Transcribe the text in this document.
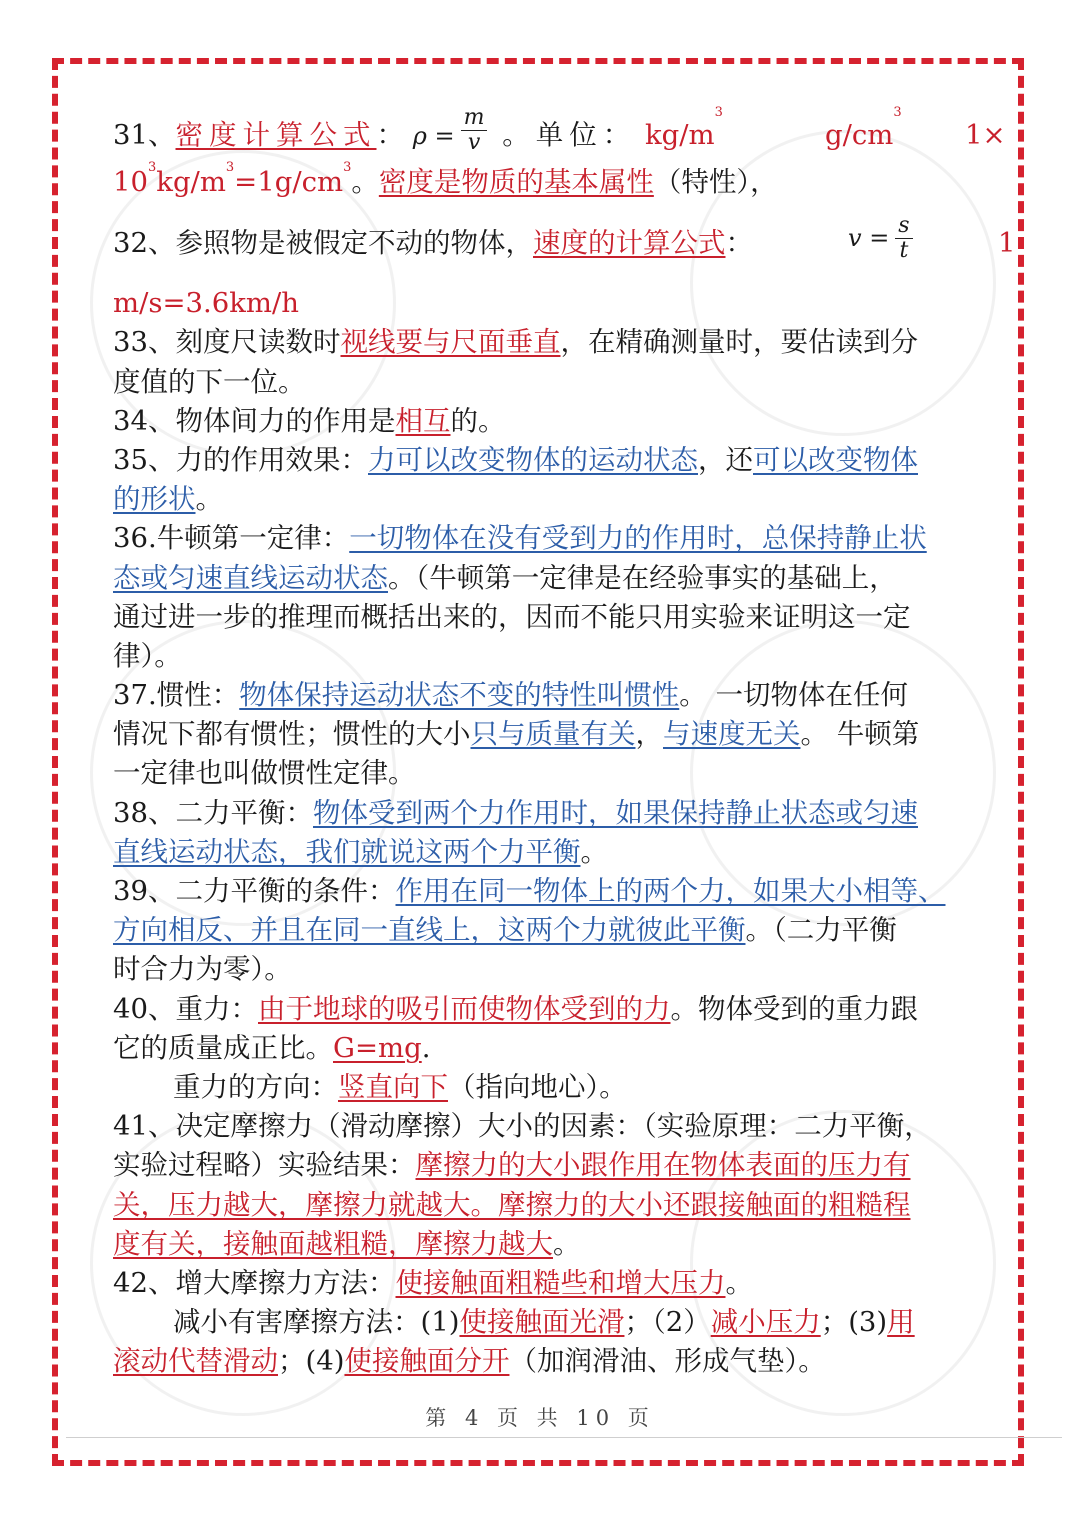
31、密度计算公式： $\rho = \frac{m}{v}$ 。单位： $kg/m^3$
$g/cm^3$
1×
$10^3kg/m^3=1g/cm^3$。密度是物质的基本属性（特性），
32、参照物是被假定不动的物体，速度的计算公式：	$v = \frac{s}{t}$	1
m/s=3.6km/h
33、刻度尺读数时视线要与尺面垂直，在精确测量时，要估读到分
度值的下一位。
34、物体间力的作用是相互的。
35、力的作用效果：力可以改变物体的运动状态，还可以改变物体
的形状。
36.牛顿第一定律：一切物体在没有受到力的作用时，总保持静止状
态或匀速直线运动状态。（牛顿第一定律是在经验事实的基础上，
通过进一步的推理而概括出来的，因而不能只用实验来证明这一定
律）。
37.惯性：物体保持运动状态不变的特性叫惯性。 一切物体在任何
情况下都有惯性；惯性的大小只与质量有关，与速度无关。 牛顿第
一定律也叫做惯性定律。
38、二力平衡：物体受到两个力作用时，如果保持静止状态或匀速
直线运动状态，我们就说这两个力平衡。
39、二力平衡的条件：作用在同一物体上的两个力，如果大小相等、
方向相反、并且在同一直线上，这两个力就彼此平衡。（二力平衡
时合力为零）。
40、重力：由于地球的吸引而使物体受到的力。物体受到的重力跟
它的质量成正比。G=mg.
重力的方向：竖直向下（指向地心）。
41、决定摩擦力（滑动摩擦）大小的因素：（实验原理：二力平衡，
实验过程略）实验结果：摩擦力的大小跟作用在物体表面的压力有
关，压力越大，摩擦力就越大。摩擦力的大小还跟接触面的粗糙程
度有关，接触面越粗糙，摩擦力越大。
42、增大摩擦力方法：使接触面粗糙些和增大压力。
减小有害摩擦方法：(1)使接触面光滑；（2）减小压力；(3)用
滚动代替滑动；(4)使接触面分开（加润滑油、形成气垫）。
第 4 页 共 10 页
